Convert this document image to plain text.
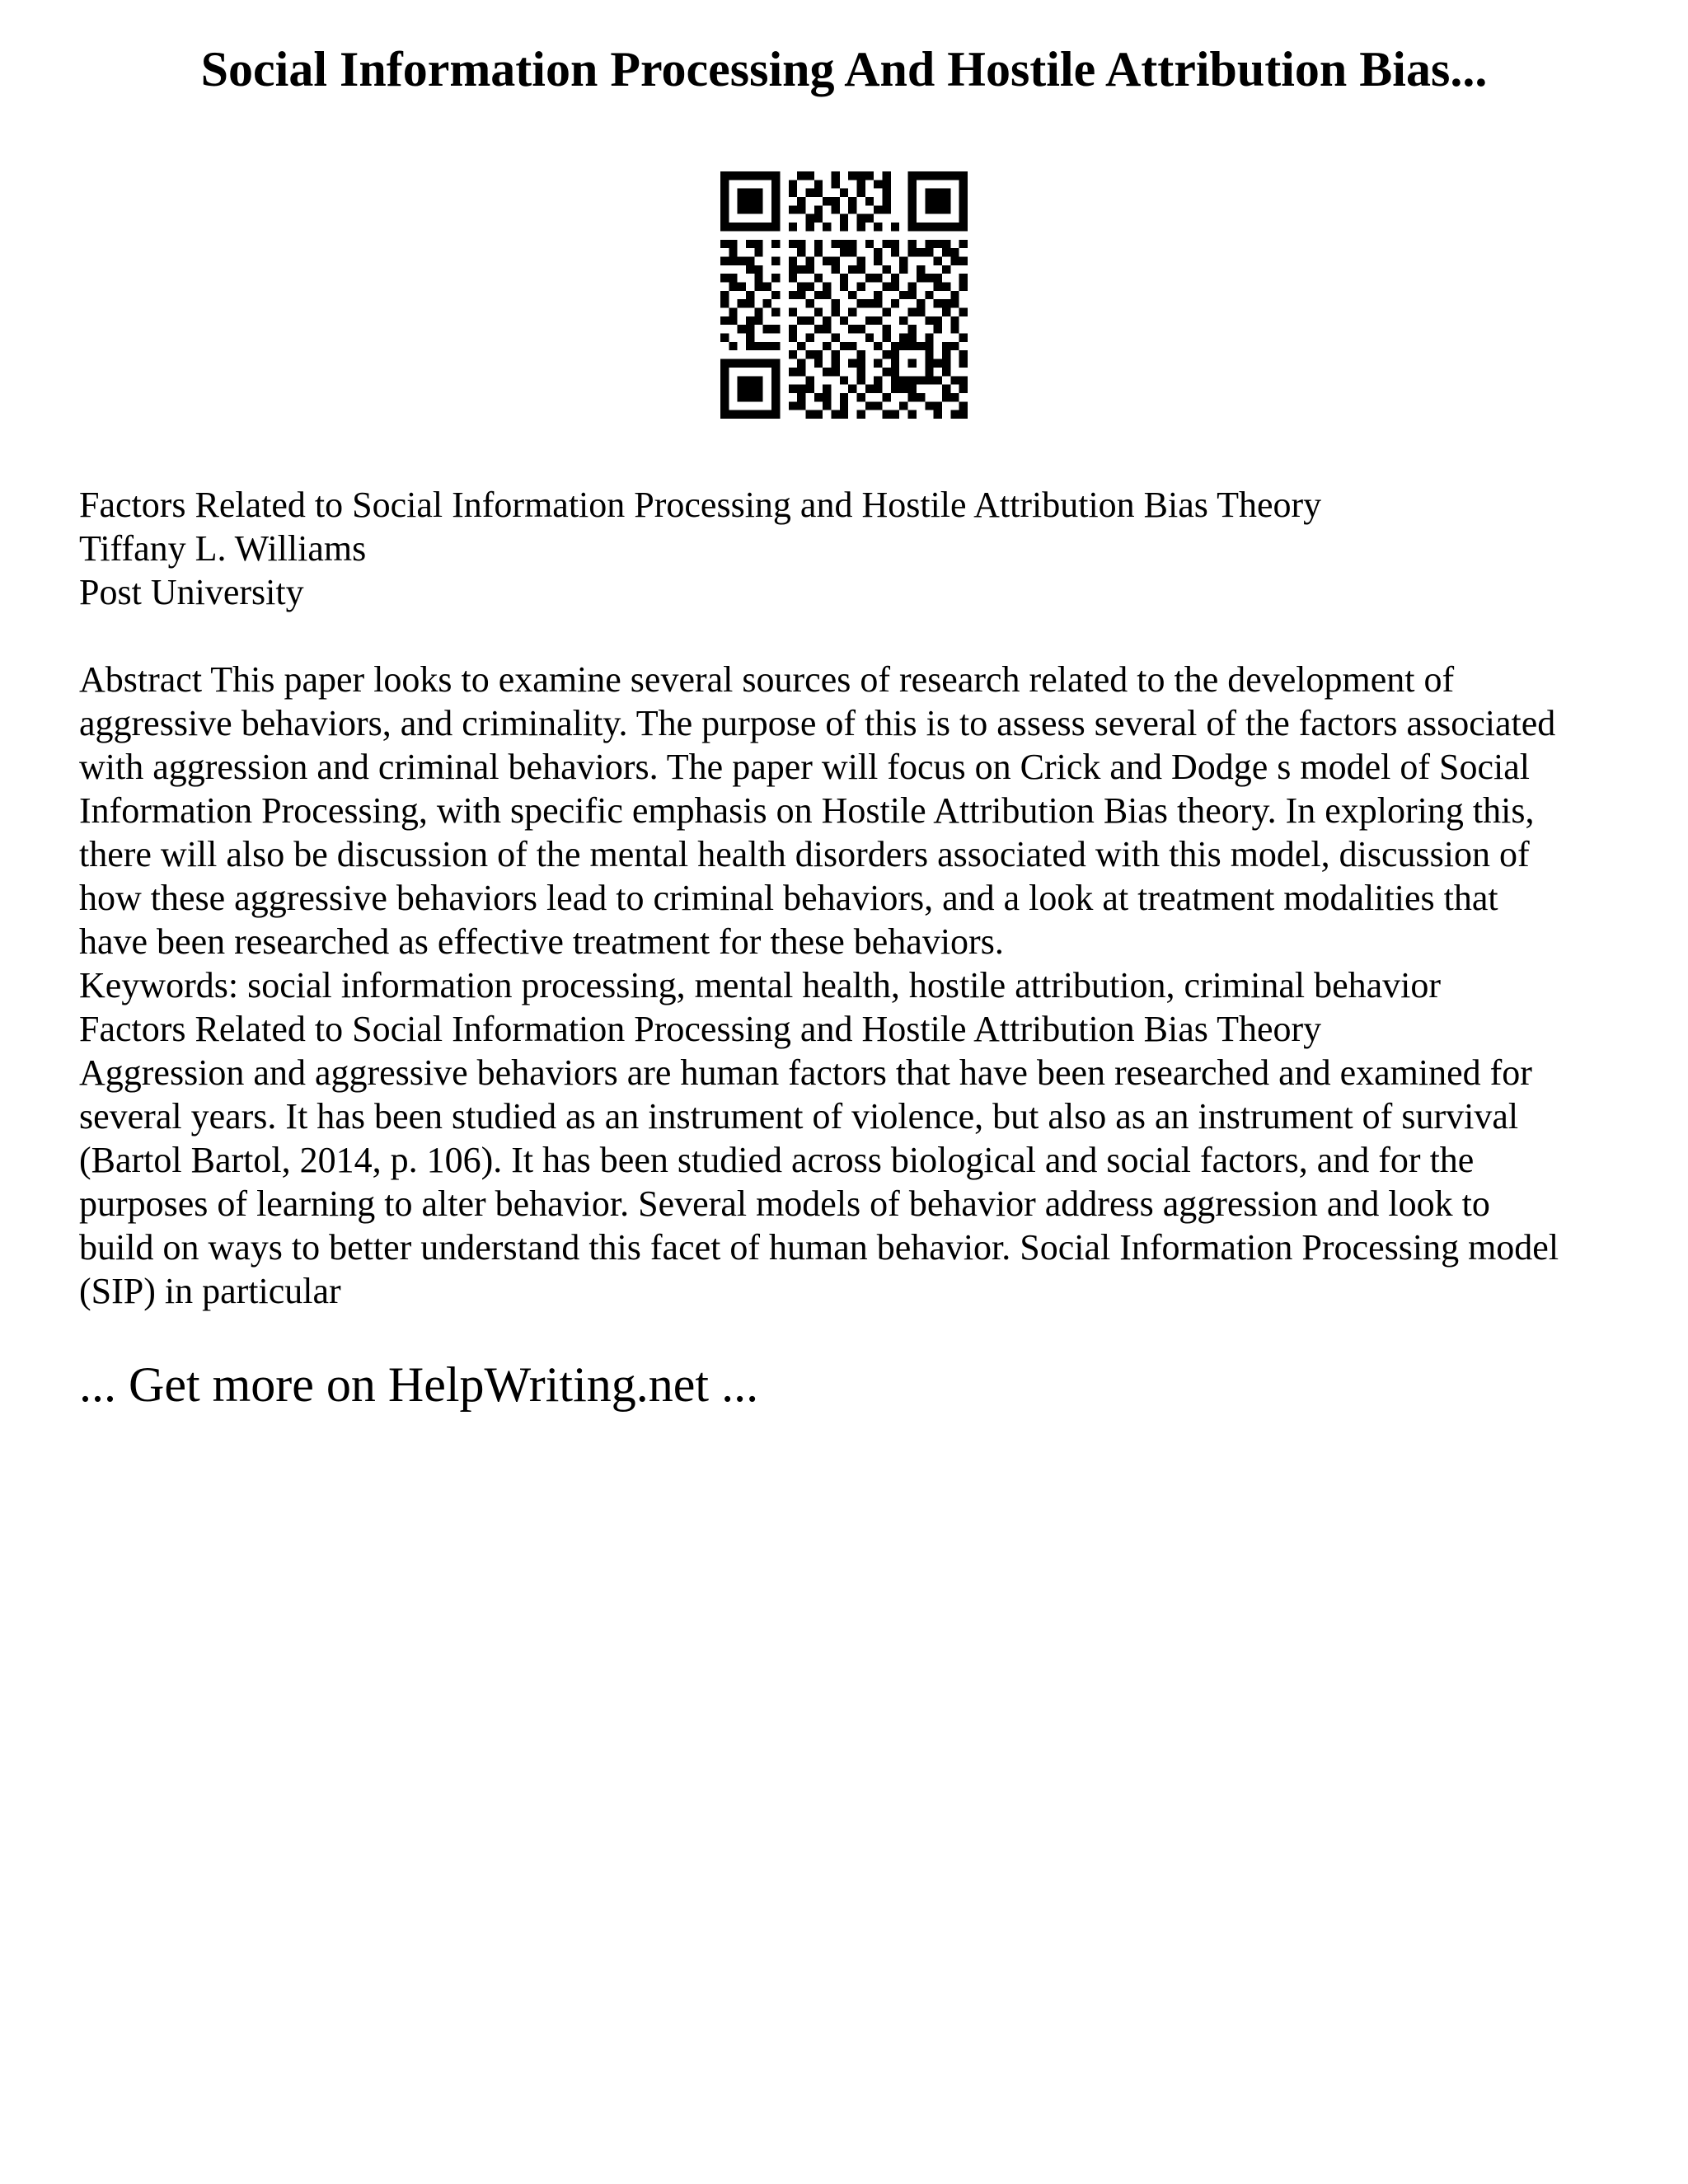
Social Information Processing And Hostile Attribution Bias...
Factors Related to Social Information Processing and Hostile Attribution Bias Theory
Tiffany L. Williams
Post University
Abstract This paper looks to examine several sources of research related to the development of
aggressive behaviors, and criminality. The purpose of this is to assess several of the factors associated
with aggression and criminal behaviors. The paper will focus on Crick and Dodge s model of Social
Information Processing, with specific emphasis on Hostile Attribution Bias theory. In exploring this,
there will also be discussion of the mental health disorders associated with this model, discussion of
how these aggressive behaviors lead to criminal behaviors, and a look at treatment modalities that
have been researched as effective treatment for these behaviors.
Keywords: social information processing, mental health, hostile attribution, criminal behavior
Factors Related to Social Information Processing and Hostile Attribution Bias Theory
Aggression and aggressive behaviors are human factors that have been researched and examined for
several years. It has been studied as an instrument of violence, but also as an instrument of survival
(Bartol Bartol, 2014, p. 106). It has been studied across biological and social factors, and for the
purposes of learning to alter behavior. Several models of behavior address aggression and look to
build on ways to better understand this facet of human behavior. Social Information Processing model
(SIP) in particular
... Get more on HelpWriting.net ...
